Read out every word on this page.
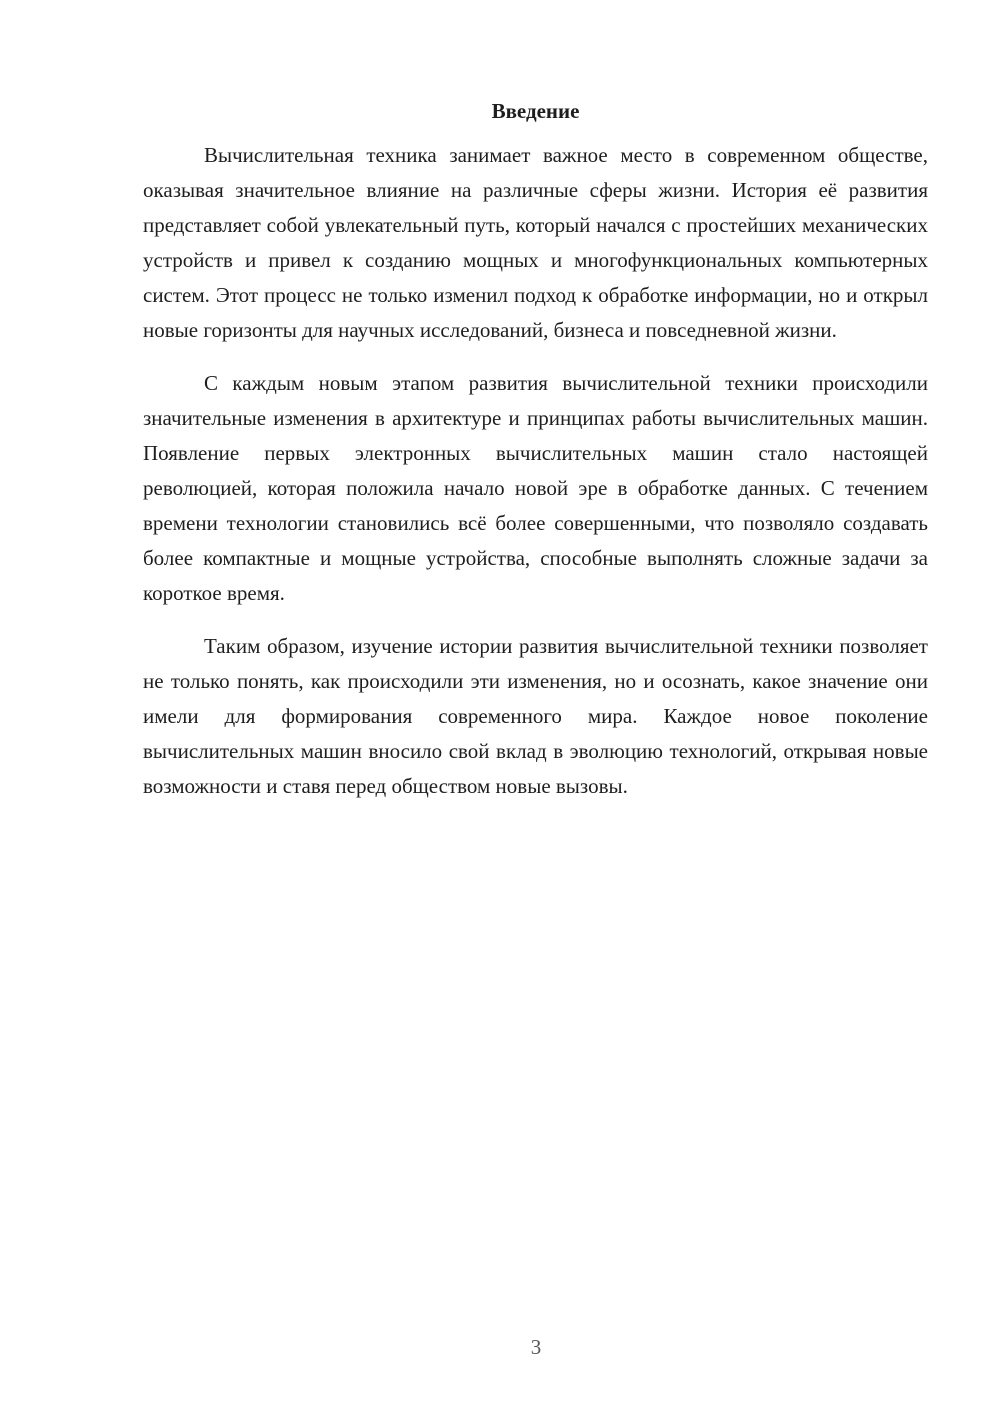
Введение

Вычислительная техника занимает важное место в современном обществе, оказывая значительное влияние на различные сферы жизни. История её развития представляет собой увлекательный путь, который начался с простейших механических устройств и привел к созданию мощных и многофункциональных компьютерных систем. Этот процесс не только изменил подход к обработке информации, но и открыл новые горизонты для научных исследований, бизнеса и повседневной жизни.

С каждым новым этапом развития вычислительной техники происходили значительные изменения в архитектуре и принципах работы вычислительных машин. Появление первых электронных вычислительных машин стало настоящей революцией, которая положила начало новой эре в обработке данных. С течением времени технологии становились всё более совершенными, что позволяло создавать более компактные и мощные устройства, способные выполнять сложные задачи за короткое время.

Таким образом, изучение истории развития вычислительной техники позволяет не только понять, как происходили эти изменения, но и осознать, какое значение они имели для формирования современного мира. Каждое новое поколение вычислительных машин вносило свой вклад в эволюцию технологий, открывая новые возможности и ставя перед обществом новые вызовы.

3
